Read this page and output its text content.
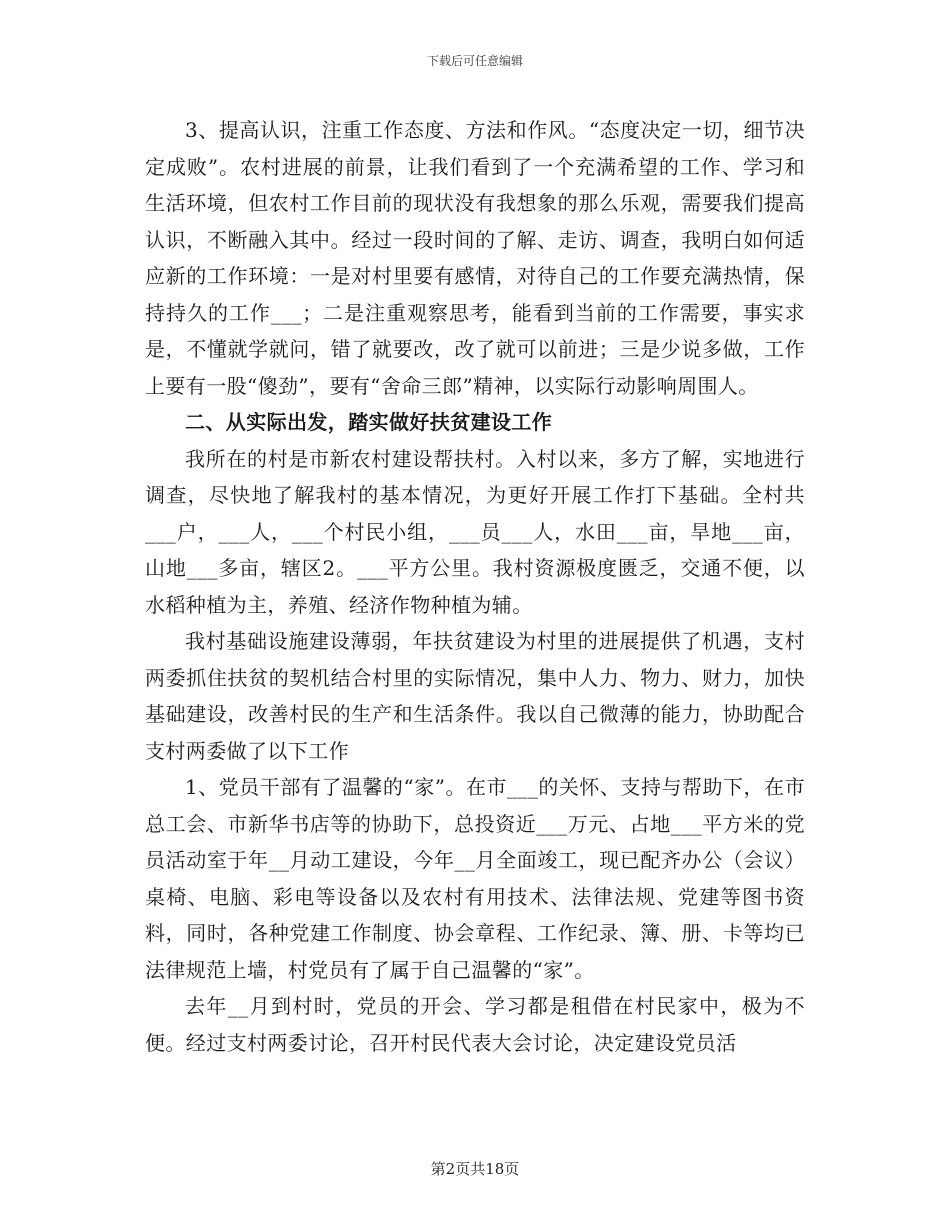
下载后可任意编辑

3、提高认识，注重工作态度、方法和作风。“态度决定一切，细节决定成败”。农村进展的前景，让我们看到了一个充满希望的工作、学习和生活环境，但农村工作目前的现状没有我想象的那么乐观，需要我们提高认识，不断融入其中。经过一段时间的了解、走访、调查，我明白如何适应新的工作环境：一是对村里要有感情，对待自己的工作要充满热情，保持持久的工作___；二是注重观察思考，能看到当前的工作需要，事实求是，不懂就学就问，错了就要改，改了就可以前进；三是少说多做，工作上要有一股“傻劲”，要有“舍命三郎”精神，以实际行动影响周围人。

二、从实际出发，踏实做好扶贫建设工作

我所在的村是市新农村建设帮扶村。入村以来，多方了解，实地进行调查，尽快地了解我村的基本情况，为更好开展工作打下基础。全村共___户，___人，___个村民小组，___员___人，水田___亩，旱地___亩，山地___多亩，辖区2。___平方公里。我村资源极度匮乏，交通不便，以水稻种植为主，养殖、经济作物种植为辅。

我村基础设施建设薄弱，年扶贫建设为村里的进展提供了机遇，支村两委抓住扶贫的契机结合村里的实际情况，集中人力、物力、财力，加快基础建设，改善村民的生产和生活条件。我以自己微薄的能力，协助配合支村两委做了以下工作

1、党员干部有了温馨的“家”。在市___的关怀、支持与帮助下，在市总工会、市新华书店等的协助下，总投资近___万元、占地___平方米的党员活动室于年__月动工建设，今年__月全面竣工，现已配齐办公（会议）桌椅、电脑、彩电等设备以及农村有用技术、法律法规、党建等图书资料，同时，各种党建工作制度、协会章程、工作纪录、簿、册、卡等均已法律规范上墙，村党员有了属于自己温馨的“家”。

去年__月到村时，党员的开会、学习都是租借在村民家中，极为不便。经过支村两委讨论，召开村民代表大会讨论，决定建设党员活

第2页共18页
